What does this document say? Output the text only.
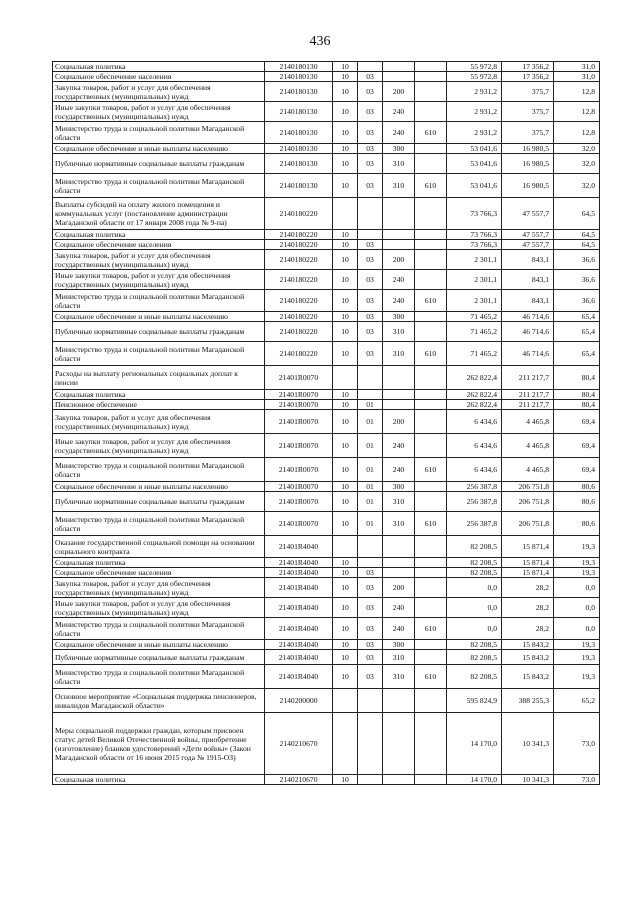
436
Социальная политика	2140180130	10				55 972,8	17 356,2	31,0
Социальное обеспечение населения	2140180130	10	03			55 972,8	17 356,2	31,0
Закупка товаров, работ и услуг для обеспечения государственных (муниципальных) нужд	2140180130	10	03	200		2 931,2	375,7	12,8
Иные закупки товаров, работ и услуг для обеспечения государственных (муниципальных) нужд	2140180130	10	03	240		2 931,2	375,7	12,8
Министерство труда и социальной политики Магаданской области	2140180130	10	03	240	610	2 931,2	375,7	12,8
Социальное обеспечение и иные выплаты населению	2140180130	10	03	300		53 041,6	16 980,5	32,0
Публичные нормативные социальные выплаты гражданам	2140180130	10	03	310		53 041,6	16 980,5	32,0
Министерство труда и социальной политики Магаданской области	2140180130	10	03	310	610	53 041,6	16 980,5	32,0
Выплаты субсидий на оплату жилого помещения и коммунальных услуг (постановление администрации Магаданской области от 17 января 2008 года № 9-па)	2140180220					73 766,3	47 557,7	64,5
Социальная политика	2140180220	10				73 766,3	47 557,7	64,5
Социальное обеспечение населения	2140180220	10	03			73 766,3	47 557,7	64,5
Закупка товаров, работ и услуг для обеспечения государственных (муниципальных) нужд	2140180220	10	03	200		2 301,1	843,1	36,6
Иные закупки товаров, работ и услуг для обеспечения государственных (муниципальных) нужд	2140180220	10	03	240		2 301,1	843,1	36,6
Министерство труда и социальной политики Магаданской области	2140180220	10	03	240	610	2 301,1	843,1	36,6
Социальное обеспечение и иные выплаты населению	2140180220	10	03	300		71 465,2	46 714,6	65,4
Публичные нормативные социальные выплаты гражданам	2140180220	10	03	310		71 465,2	46 714,6	65,4
Министерство труда и социальной политики Магаданской области	2140180220	10	03	310	610	71 465,2	46 714,6	65,4
Расходы на выплату региональных социальных доплат к пенсии	21401R0070					262 822,4	211 217,7	80,4
Социальная политика	21401R0070	10				262 822,4	211 217,7	80,4
Пенсионное обеспечение	21401R0070	10	01			262 822,4	211 217,7	80,4
Закупка товаров, работ и услуг для обеспечения государственных (муниципальных) нужд	21401R0070	10	01	200		6 434,6	4 465,8	69,4
Иные закупки товаров, работ и услуг для обеспечения государственных (муниципальных) нужд	21401R0070	10	01	240		6 434,6	4 465,8	69,4
Министерство труда и социальной политики Магаданской области	21401R0070	10	01	240	610	6 434,6	4 465,8	69,4
Социальное обеспечение и иные выплаты населению	21401R0070	10	01	300		256 387,8	206 751,8	80,6
Публичные нормативные социальные выплаты гражданам	21401R0070	10	01	310		256 387,8	206 751,8	80,6
Министерство труда и социальной политики Магаданской области	21401R0070	10	01	310	610	256 387,8	206 751,8	80,6
Оказание государственной социальной помощи на основании социального контракта	21401R4040					82 208,5	15 871,4	19,3
Социальная политика	21401R4040	10				82 208,5	15 871,4	19,3
Социальное обеспечение населения	21401R4040	10	03			82 208,5	15 871,4	19,3
Закупка товаров, работ и услуг для обеспечения государственных (муниципальных) нужд	21401R4040	10	03	200		0,0	28,2	0,0
Иные закупки товаров, работ и услуг для обеспечения государственных (муниципальных) нужд	21401R4040	10	03	240		0,0	28,2	0,0
Министерство труда и социальной политики Магаданской области	21401R4040	10	03	240	610	0,0	28,2	0,0
Социальное обеспечение и иные выплаты населению	21401R4040	10	03	300		82 208,5	15 843,2	19,3
Публичные нормативные социальные выплаты гражданам	21401R4040	10	03	310		82 208,5	15 843,2	19,3
Министерство труда и социальной политики Магаданской области	21401R4040	10	03	310	610	82 208,5	15 843,2	19,3
Основное мероприятие «Социальная поддержка пенсионеров, инвалидов Магаданской области»	2140200000					595 824,9	388 255,3	65,2
Меры социальной поддержки граждан, которым присвоен статус детей Великой Отечественной войны, приобретение (изготовление) бланков удостоверений «Дети войны» (Закон Магаданской области от 16 июня 2015 года № 1915-ОЗ)	2140210670					14 170,0	10 341,3	73,0
Социальная политика	2140210670	10				14 170,0	10 341,3	73,0
